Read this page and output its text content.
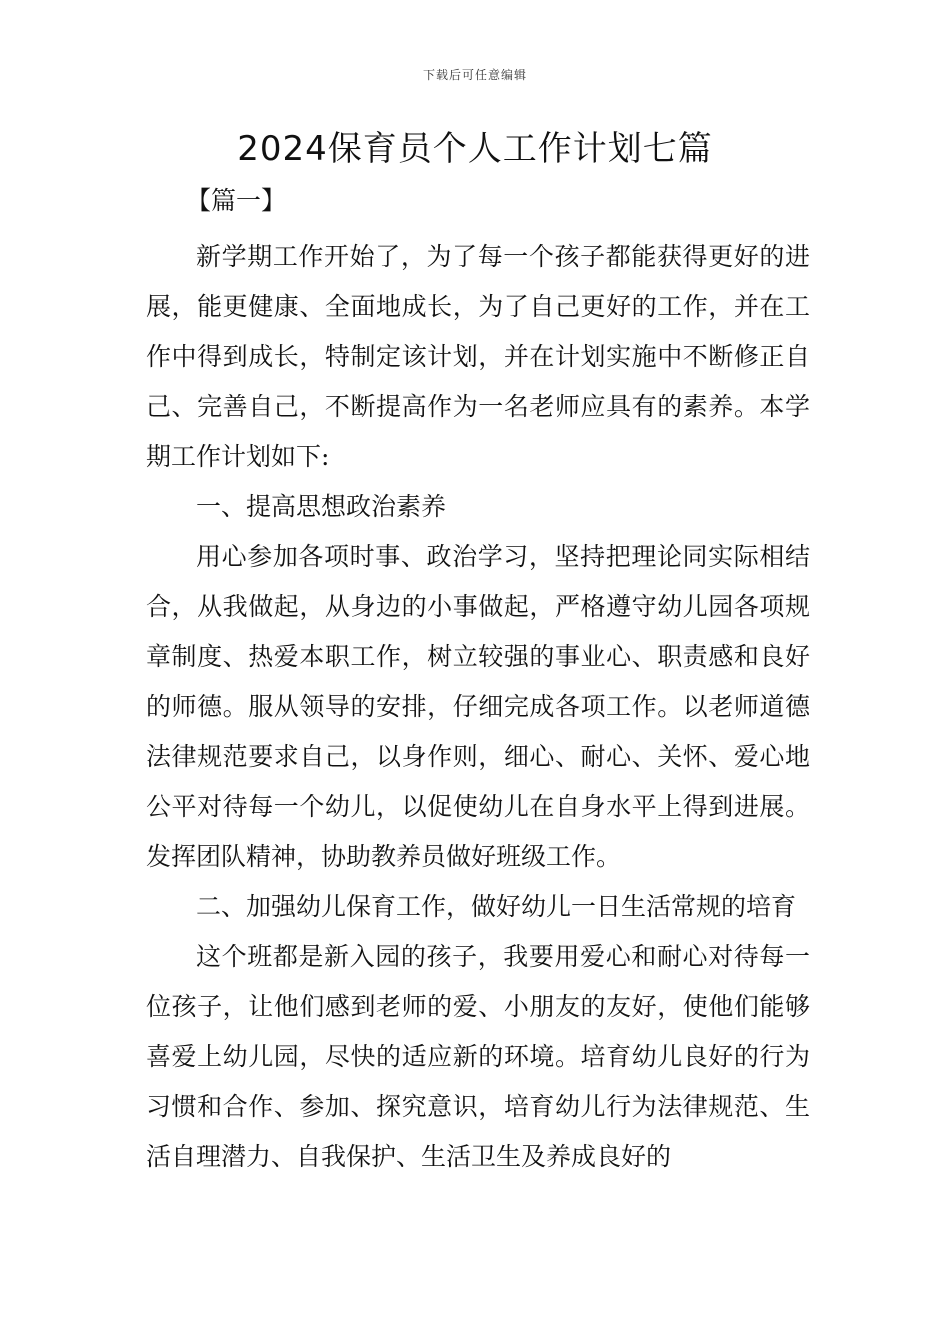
下载后可任意编辑
2024保育员个人工作计划七篇

【篇一】

新学期工作开始了，为了每一个孩子都能获得更好的进展，能更健康、全面地成长，为了自己更好的工作，并在工作中得到成长，特制定该计划，并在计划实施中不断修正自己、完善自己，不断提高作为一名老师应具有的素养。本学期工作计划如下:

一、提高思想政治素养

用心参加各项时事、政治学习，坚持把理论同实际相结合，从我做起，从身边的小事做起，严格遵守幼儿园各项规章制度、热爱本职工作，树立较强的事业心、职责感和良好的师德。服从领导的安排，仔细完成各项工作。以老师道德法律规范要求自己，以身作则，细心、耐心、关怀、爱心地公平对待每一个幼儿，以促使幼儿在自身水平上得到进展。发挥团队精神，协助教养员做好班级工作。

二、加强幼儿保育工作，做好幼儿一日生活常规的培育

这个班都是新入园的孩子，我要用爱心和耐心对待每一位孩子，让他们感到老师的爱、小朋友的友好，使他们能够喜爱上幼儿园，尽快的适应新的环境。培育幼儿良好的行为习惯和合作、参加、探究意识，培育幼儿行为法律规范、生活自理潜力、自我保护、生活卫生及养成良好的
